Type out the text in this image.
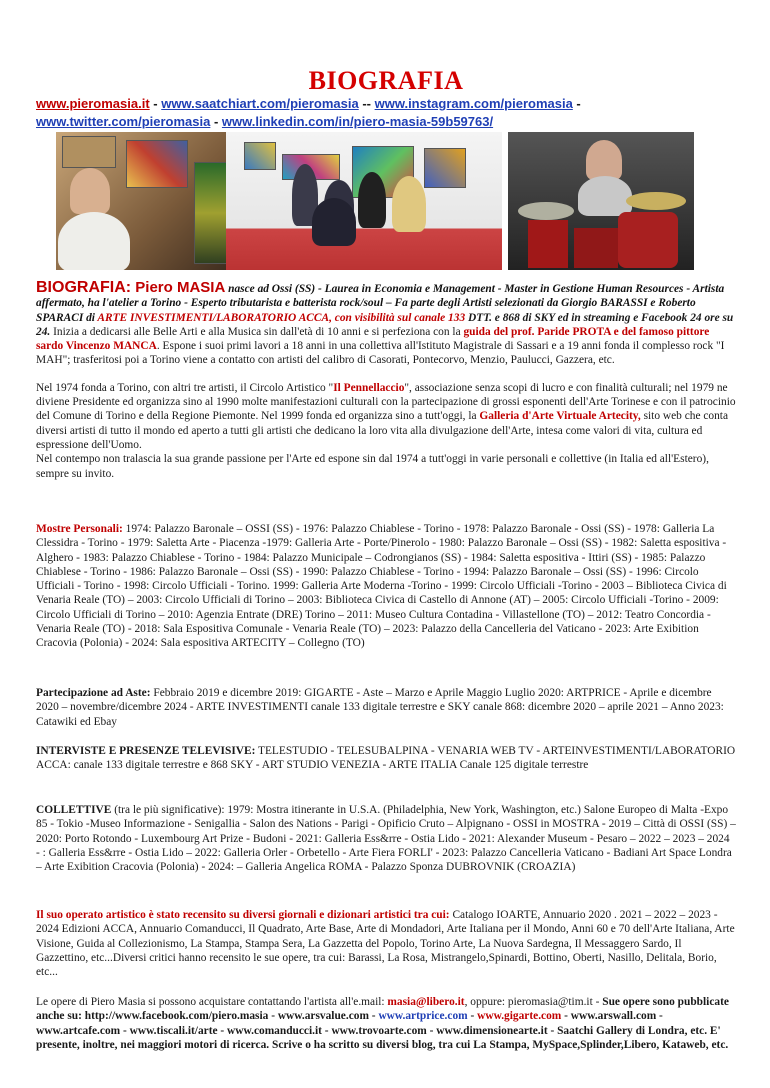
BIOGRAFIA
www.pieromasia.it - www.saatchiart.com/pieromasia -- www.instagram.com/pieromasia -
www.twitter.com/pieromasia - www.linkedin.com/in/piero-masia-59b59763/

BIOGRAFIA: Piero MASIA nasce ad Ossi (SS) - Laurea in Economia e Management - Master in Gestione Human Resources - Artista affermato, ha l'atelier a Torino - Esperto tributarista e batterista rock/soul – Fa parte degli Artisti selezionati da Giorgio BARASSI e Roberto SPARACI di ARTE INVESTIMENTI/LABORATORIO ACCA, con visibilità sul canale 133 DTT. e 868 di SKY ed in streaming e Facebook 24 ore su 24. Inizia a dedicarsi alle Belle Arti e alla Musica sin dall'età di 10 anni e si perfeziona con la guida del prof. Paride PROTA e del famoso pittore sardo Vincenzo MANCA. Espone i suoi primi lavori a 18 anni in una collettiva all'Istituto Magistrale di Sassari e a 19 anni fonda il complesso rock "I MAH"; trasferitosi poi a Torino viene a contatto con artisti del calibro di Casorati, Pontecorvo, Menzio, Paulucci, Gazzera, etc.

Nel 1974 fonda a Torino, con altri tre artisti, il Circolo Artistico "Il Pennellaccio", associazione senza scopi di lucro e con finalità culturali; nel 1979 ne diviene Presidente ed organizza sino al 1990 molte manifestazioni culturali con la partecipazione di grossi esponenti dell'Arte Torinese e con il patrocinio del Comune di Torino e della Regione Piemonte. Nel 1999 fonda ed organizza sino a tutt'oggi, la Galleria d'Arte Virtuale Artecity, sito web che conta diversi artisti di tutto il mondo ed aperto a tutti gli artisti che dedicano la loro vita alla divulgazione dell'Arte, intesa come valori di vita, cultura ed espressione dell'Uomo.
Nel contempo non tralascia la sua grande passione per l'Arte ed espone sin dal 1974 a tutt'oggi in varie personali e collettive (in Italia ed all'Estero), sempre su invito.

Mostre Personali: 1974: Palazzo Baronale – OSSI (SS) - 1976: Palazzo Chiablese - Torino - 1978: Palazzo Baronale - Ossi (SS) - 1978: Galleria La Clessidra - Torino - 1979: Saletta Arte - Piacenza -1979: Galleria Arte - Porte/Pinerolo - 1980: Palazzo Baronale – Ossi (SS) - 1982: Saletta espositiva - Alghero - 1983: Palazzo Chiablese - Torino - 1984: Palazzo Municipale – Codrongianos (SS) - 1984: Saletta espositiva - Ittiri (SS) - 1985: Palazzo Chiablese - Torino - 1986: Palazzo Baronale – Ossi (SS) - 1990: Palazzo Chiablese - Torino - 1994: Palazzo Baronale – Ossi (SS) - 1996: Circolo Ufficiali - Torino - 1998: Circolo Ufficiali - Torino. 1999: Galleria Arte Moderna -Torino - 1999: Circolo Ufficiali -Torino - 2003 – Biblioteca Civica di Venaria Reale (TO) – 2003: Circolo Ufficiali di Torino – 2003: Biblioteca Civica di Castello di Annone (AT) – 2005: Circolo Ufficiali -Torino - 2009: Circolo Ufficiali di Torino – 2010: Agenzia Entrate (DRE) Torino – 2011: Museo Cultura Contadina - Villastellone (TO) – 2012: Teatro Concordia - Venaria Reale (TO) - 2018: Sala Espositiva Comunale - Venaria Reale (TO) – 2023: Palazzo della Cancelleria del Vaticano - 2023: Arte Exibition Cracovia (Polonia) - 2024: Sala espositiva ARTECITY – Collegno (TO)

Partecipazione ad Aste: Febbraio 2019 e dicembre 2019: GIGARTE - Aste – Marzo e Aprile Maggio Luglio 2020: ARTPRICE - Aprile e dicembre 2020 – novembre/dicembre 2024 - ARTE INVESTIMENTI canale 133 digitale terrestre e SKY canale 868: dicembre 2020 – aprile 2021 – Anno 2023: Catawiki ed Ebay

INTERVISTE E PRESENZE TELEVISIVE: TELESTUDIO - TELESUBALPINA - VENARIA WEB TV - ARTEINVESTIMENTI/LABORATORIO ACCA: canale 133 digitale terrestre e 868 SKY - ART STUDIO VENEZIA - ARTE ITALIA Canale 125 digitale terrestre

COLLETTIVE (tra le più significative): 1979: Mostra itinerante in U.S.A. (Philadelphia, New York, Washington, etc.) Salone Europeo di Malta -Expo 85 - Tokio -Museo Informazione - Senigallia - Salon des Nations - Parigi - Opificio Cruto – Alpignano - OSSI in MOSTRA - 2019 – Città di OSSI (SS) – 2020: Porto Rotondo - Luxembourg Art Prize - Budoni - 2021: Galleria Ess&rre - Ostia Lido - 2021: Alexander Museum - Pesaro – 2022 – 2023 – 2024 - : Galleria Ess&rre - Ostia Lido – 2022: Galleria Orler - Orbetello - Arte Fiera FORLI' - 2023: Palazzo Cancelleria Vaticano - Badiani Art Space Londra – Arte Exibition Cracovia (Polonia) - 2024: – Galleria Angelica ROMA - Palazzo Sponza DUBROVNIK (CROAZIA)

Il suo operato artistico è stato recensito su diversi giornali e dizionari artistici tra cui: Catalogo IOARTE, Annuario 2020 . 2021 – 2022 – 2023 - 2024 Edizioni ACCA, Annuario Comanducci, Il Quadrato, Arte Base, Arte di Mondadori, Arte Italiana per il Mondo, Anni 60 e 70 dell'Arte Italiana, Arte Visione, Guida al Collezionismo, La Stampa, Stampa Sera, La Gazzetta del Popolo, Torino Arte, La Nuova Sardegna, Il Messaggero Sardo, Il Gazzettino, etc...Diversi critici hanno recensito le sue opere, tra cui: Barassi, La Rosa, Mistrangelo,Spinardi, Bottino, Oberti, Nasillo, Delitala, Borio, etc...

Le opere di Piero Masia si possono acquistare contattando l'artista all'e.mail: masia@libero.it, oppure: pieromasia@tim.it - Sue opere sono pubblicate anche su: http://www.facebook.com/piero.masia - www.arsvalue.com - www.artprice.com - www.gigarte.com - www.arswall.com - www.artcafe.com - www.tiscali.it/arte - www.comanducci.it - www.trovoarte.com - www.dimensionearte.it - Saatchi Gallery di Londra, etc. E' presente, inoltre, nei maggiori motori di ricerca. Scrive o ha scritto su diversi blog, tra cui La Stampa, MySpace,Splinder,Libero, Kataweb, etc.
